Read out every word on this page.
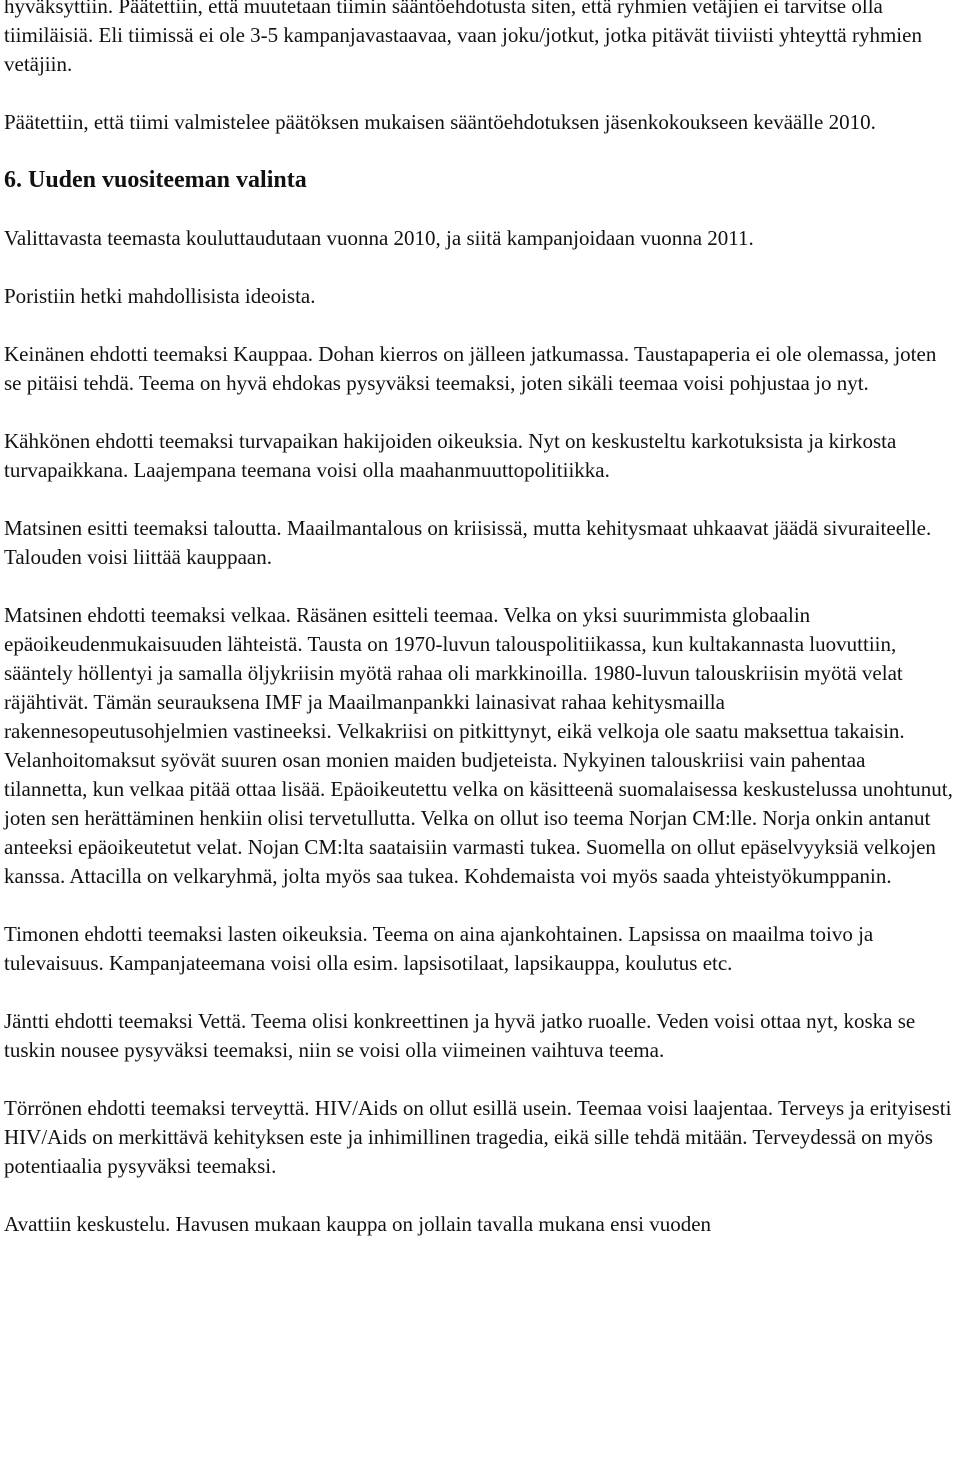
hyväksyttiin. Päätettiin, että muutetaan tiimin sääntöehdotusta siten, että ryhmien vetäjien ei tarvitse olla tiimiläisiä. Eli tiimissä ei ole 3-5 kampanjavastaavaa, vaan joku/jotkut, jotka pitävät tiiviisti yhteyttä ryhmien vetäjiin.

Päätettiin, että tiimi valmistelee päätöksen mukaisen sääntöehdotuksen jäsenkokoukseen keväälle 2010.

6. Uuden vuositeeman valinta

Valittavasta teemasta kouluttaudutaan vuonna 2010, ja siitä kampanjoidaan vuonna 2011.

Poristiin hetki mahdollisista ideoista.

Keinänen ehdotti teemaksi Kauppaa. Dohan kierros on jälleen jatkumassa. Taustapaperia ei ole olemassa, joten se pitäisi tehdä. Teema on hyvä ehdokas pysyväksi teemaksi, joten sikäli teemaa voisi pohjustaa jo nyt.

Kähkönen ehdotti teemaksi turvapaikan hakijoiden oikeuksia. Nyt on keskusteltu karkotuksista ja kirkosta turvapaikkana. Laajempana teemana voisi olla maahanmuuttopolitiikka.

Matsinen esitti teemaksi taloutta. Maailmantalous on kriisissä, mutta kehitysmaat uhkaavat jäädä sivuraiteelle. Talouden voisi liittää kauppaan.

Matsinen ehdotti teemaksi velkaa. Räsänen esitteli teemaa. Velka on yksi suurimmista globaalin epäoikeudenmukaisuuden lähteistä. Tausta on 1970-luvun talouspolitiikassa, kun kultakannasta luovuttiin, sääntely höllentyi ja samalla öljykriisin myötä rahaa oli markkinoilla. 1980-luvun talouskriisin myötä velat räjähtivät. Tämän seurauksena IMF ja Maailmanpankki lainasivat rahaa kehitysmailla rakennesopeutusohjelmien vastineeksi. Velkakriisi on pitkittynyt, eikä velkoja ole saatu maksettua takaisin. Velanhoitomaksut syövät suuren osan monien maiden budjeteista. Nykyinen talouskriisi vain pahentaa tilannetta, kun velkaa pitää ottaa lisää. Epäoikeutettu velka on käsitteenä suomalaisessa keskustelussa unohtunut, joten sen herättäminen henkiin olisi tervetullutta. Velka on ollut iso teema Norjan CM:lle. Norja onkin antanut anteeksi epäoikeutetut velat. Nojan CM:lta saataisiin varmasti tukea. Suomella on ollut epäselvyyksiä velkojen kanssa. Attacilla on velkaryhmä, jolta myös saa tukea. Kohdemaista voi myös saada yhteistyökumppanin.

Timonen ehdotti teemaksi lasten oikeuksia. Teema on aina ajankohtainen. Lapsissa on maailma toivo ja tulevaisuus. Kampanjateemana voisi olla esim. lapsisotilaat, lapsikauppa, koulutus etc.

Jäntti ehdotti teemaksi Vettä. Teema olisi konkreettinen ja hyvä jatko ruoalle. Veden voisi ottaa nyt, koska se tuskin nousee pysyväksi teemaksi, niin se voisi olla viimeinen vaihtuva teema.

Törrönen ehdotti teemaksi terveyttä. HIV/Aids on ollut esillä usein. Teemaa voisi laajentaa. Terveys ja erityisesti HIV/Aids on merkittävä kehityksen este ja inhimillinen tragedia, eikä sille tehdä mitään. Terveydessä on myös potentiaalia pysyväksi teemaksi.

Avattiin keskustelu. Havusen mukaan kauppa on jollain tavalla mukana ensi vuoden
